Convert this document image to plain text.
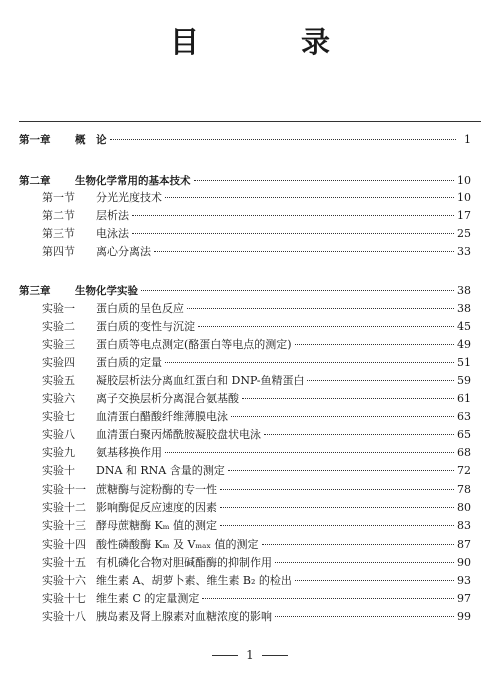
目 录
第一章	概　论	1
第二章	生物化学常用的基本技术	10
第一节	分光光度技术	10
第二节	层析法	17
第三节	电泳法	25
第四节	离心分离法	33
第三章	生物化学实验	38
实验一	蛋白质的呈色反应	38
实验二	蛋白质的变性与沉淀	45
实验三	蛋白质等电点测定(酪蛋白等电点的测定)	49
实验四	蛋白质的定量	51
实验五	凝胶层析法分离血红蛋白和 DNP-鱼精蛋白	59
实验六	离子交换层析分离混合氨基酸	61
实验七	血清蛋白醋酸纤维薄膜电泳	63
实验八	血清蛋白聚丙烯酰胺凝胶盘状电泳	65
实验九	氨基移换作用	68
实验十	DNA 和 RNA 含量的测定	72
实验十一 蔗糖酶与淀粉酶的专一性	78
实验十二 影响酶促反应速度的因素	80
实验十三 酵母蔗糖酶 Kₘ 值的测定	83
实验十四 酸性磷酸酶 Kₘ 及 Vₘₐₓ 值的测定	87
实验十五 有机磷化合物对胆碱酯酶的抑制作用	90
实验十六 维生素 A、胡萝卜素、维生素 B₂ 的检出	93
实验十七 维生素 C 的定量测定	97
实验十八 胰岛素及肾上腺素对血糖浓度的影响	99
1
